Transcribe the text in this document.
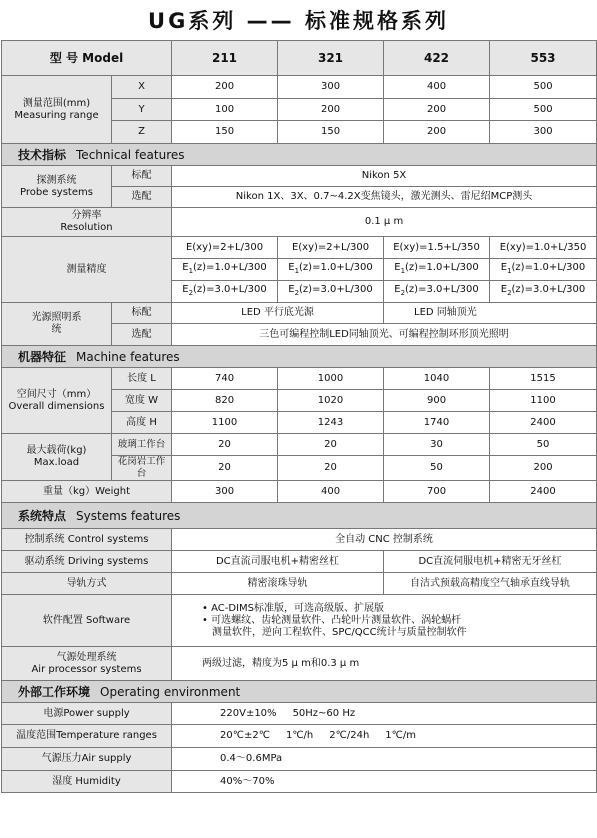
UG系列 —— 标准规格系列
型 号 Model		211	321	422	553

测量范围(mm)
Measuring range	X	200	300	400	500
	Y	100	200	200	500
	Z	150	150	200	300
技术指标 Technical features					

探测系统
Probe systems	标配	Nikon 5X			
	选配	Nikon 1X、3X、0.7~4.2X变焦镜头，激光测头、雷尼绍MCP测头			

分辨率
Resolution		0.1 μ m			
测量精度		E(xy)=2+L/300	E(xy)=2+L/300	E(xy)=1.5+L/350	E(xy)=1.0+L/350
		$E_1(z)=1.0+L/300$	$E_1(z)=1.0+L/300$	$E_1(z)=1.0+L/300$	$E_1(z)=1.0+L/300$
		$E_2(z)=3.0+L/300$	$E_2(z)=3.0+L/300$	$E_2(z)=3.0+L/300$	$E_2(z)=3.0+L/300$
光源照明系统	标配	LED 平行底光源		LED 同轴顶光	
	选配	三色可编程控制LED同轴顶光、可编程控制环形顶光照明			
机器特征 Machine features					

空间尺寸（mm）
Overall dimensions	长度 L	740	1000	1040	1515
	宽度 W	820	1020	900	1100
	高度 H	1100	1243	1740	2400

最大载荷(kg)
Max.load	玻璃工作台	20	20	30	50
	花岗岩工作台	20	20	50	200
重量（kg）Weight		300	400	700	2400
系统特点 Systems features					
控制系统 Control systems		全自动 CNC 控制系统			
驱动系统 Driving systems		DC直流司服电机+精密丝杠		DC直流伺服电机+精密无牙丝杠	
导轨方式		精密滚珠导轨		自洁式预载高精度空气轴承直线导轨	
软件配置 Software		• AC-DIMS标准版，可选高级版、扩展版
• 可选螺纹、齿轮测量软件、凸轮叶片测量软件、涡轮蜗杆
测量软件，逆向工程软件、SPC/QCC统计与质量控制软件			

气源处理系统
Air processor systems		两级过滤，精度为5 μ m和0.3 μ m			
外部工作环境 Operating environment					
电源Power supply		220V±10% 50Hz~60 Hz			
温度范围Temperature ranges		20℃±2℃ 1℃/h 2℃/24h 1℃/m			
气源压力Air supply		0.4～0.6MPa			
湿度 Humidity		40%～70%			
